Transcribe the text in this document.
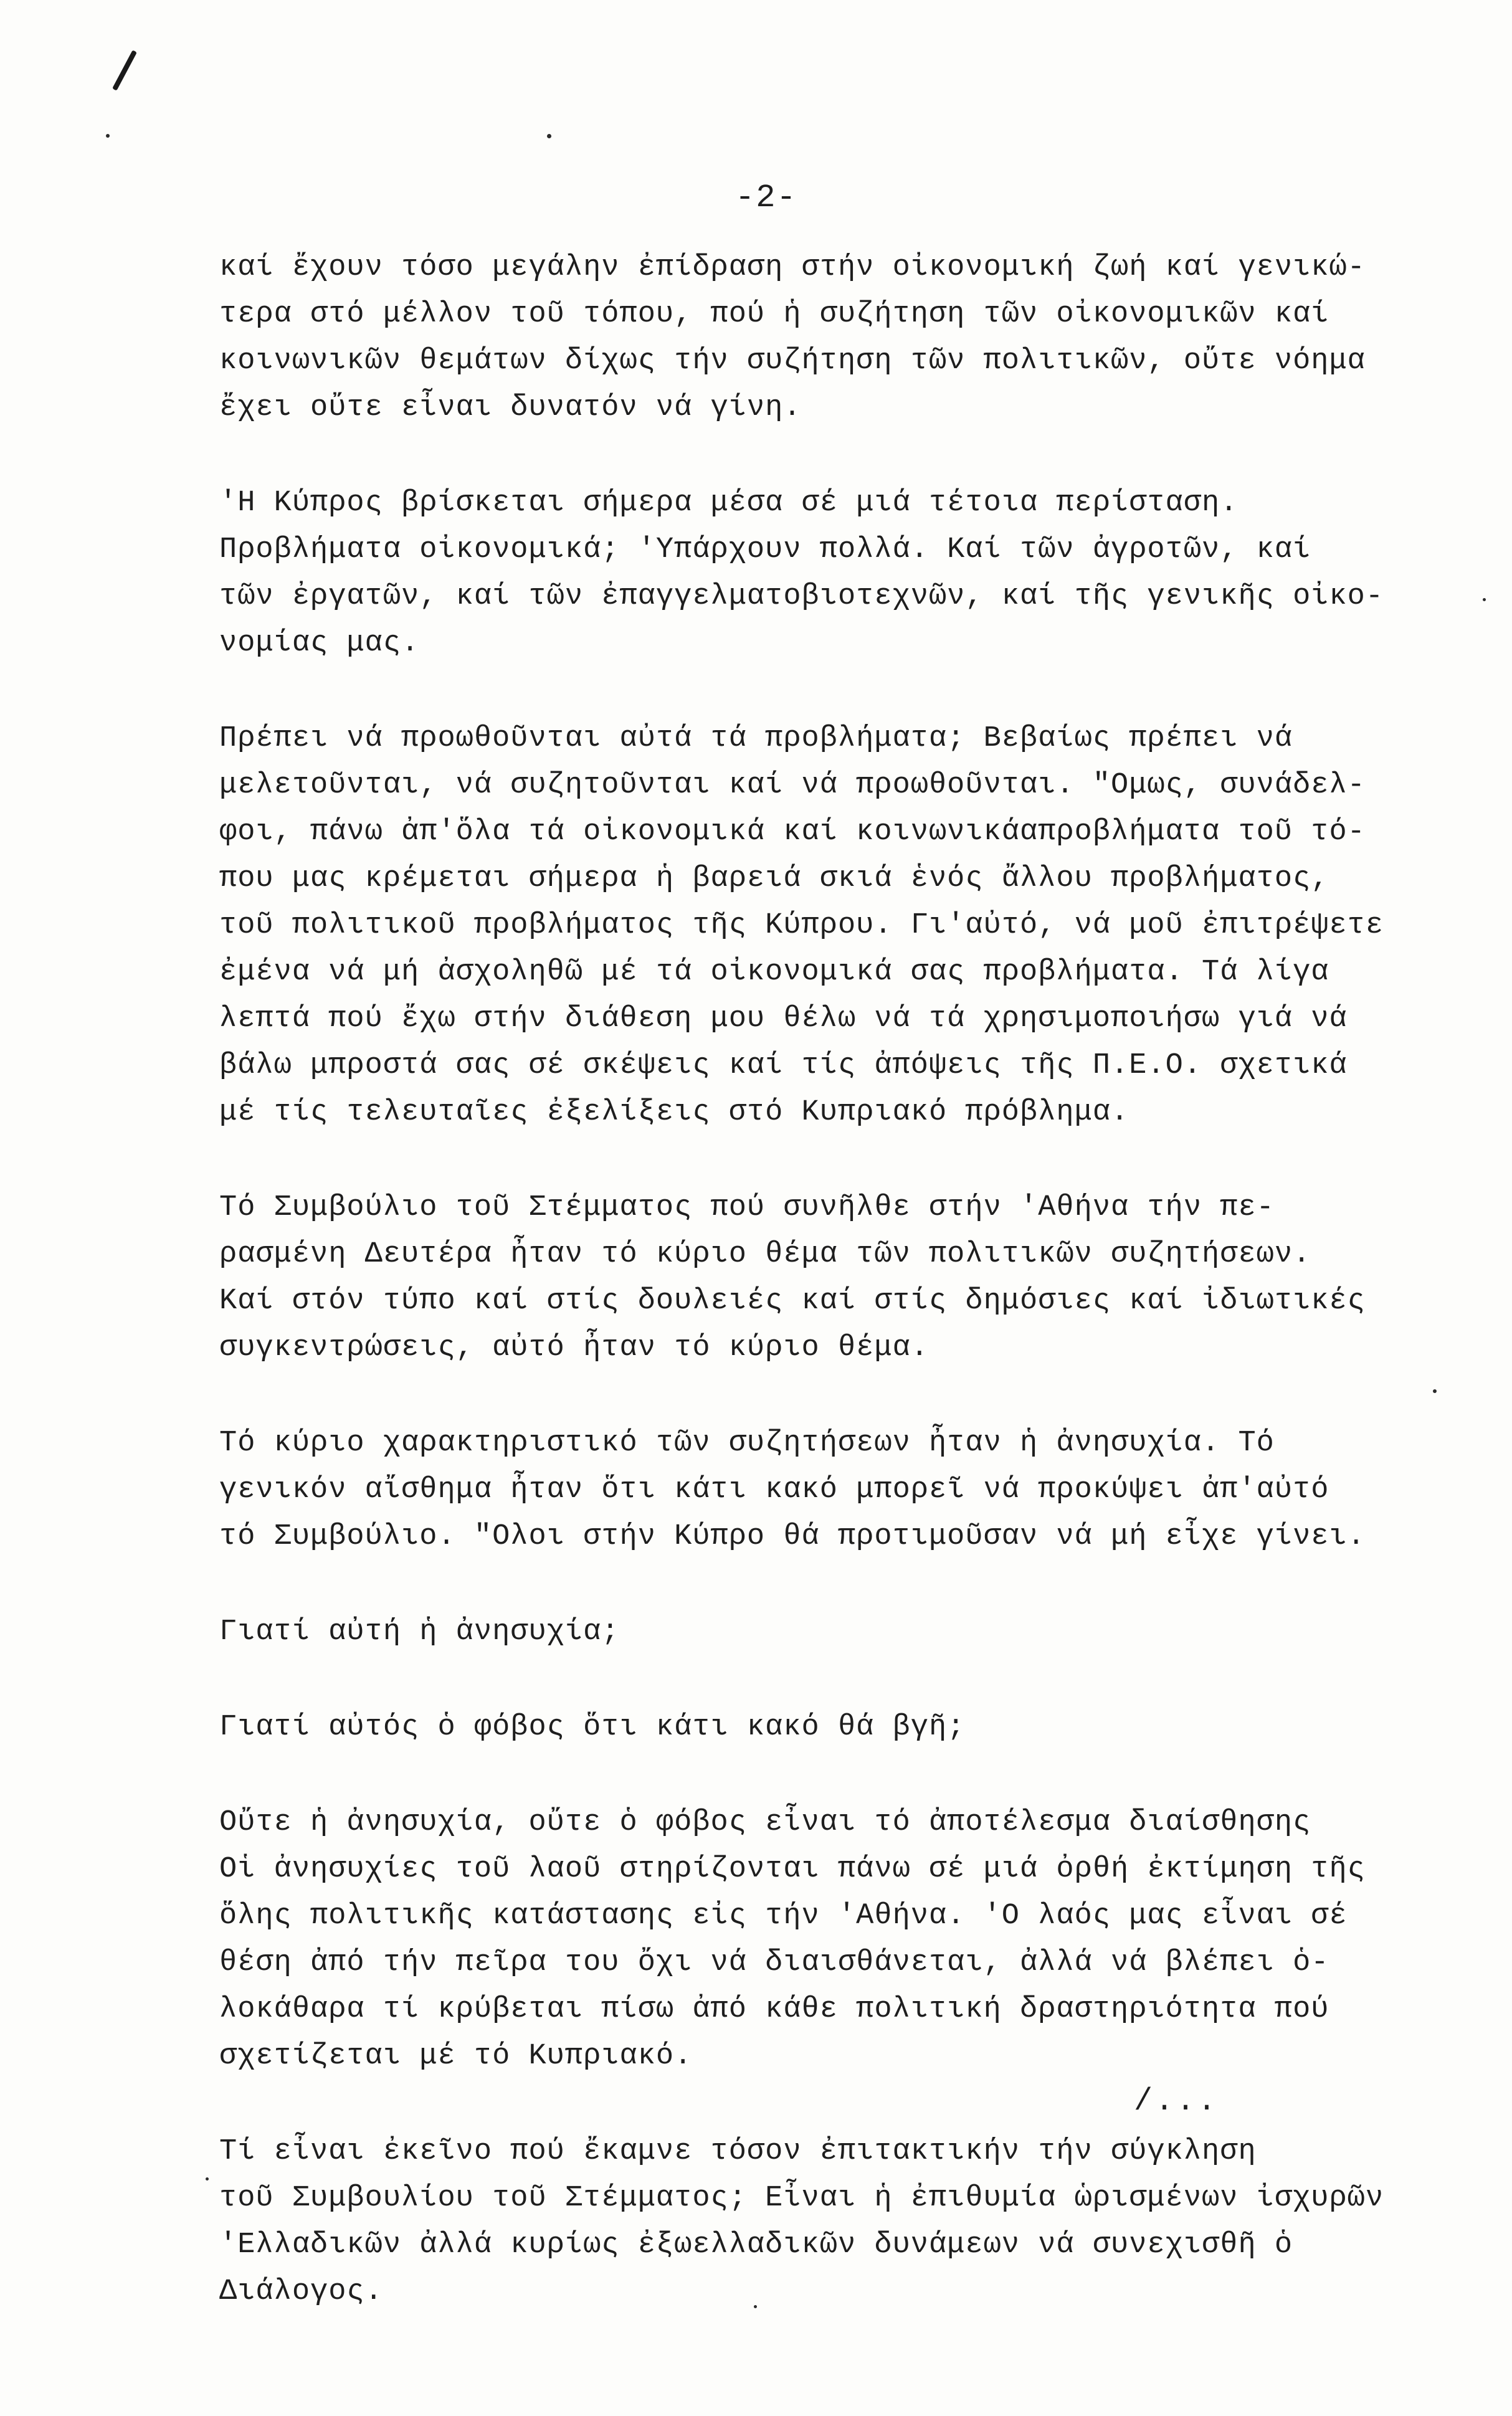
-2-
καί ἔχουν τόσο μεγάλην ἐπίδραση στήν οἰκονομική ζωή καί γενικώ-
τερα στό μέλλον τοῦ τόπου, πού ἡ συζήτηση τῶν οἰκονομικῶν καί
κοινωνικῶν θεμάτων δίχως τήν συζήτηση τῶν πολιτικῶν, οὔτε νόημα
ἔχει οὔτε εἶναι δυνατόν νά γίνη.
'Η Κύπρος βρίσκεται σήμερα μέσα σέ μιά τέτοια περίσταση.
Προβλήματα οἰκονομικά; 'Υπάρχουν πολλά. Καί τῶν ἀγροτῶν, καί
τῶν ἐργατῶν, καί τῶν ἐπαγγελματοβιοτεχνῶν, καί τῆς γενικῆς οἰκο-
νομίας μας.
Πρέπει νά προωθοῦνται αὐτά τά προβλήματα; Βεβαίως πρέπει νά
μελετοῦνται, νά συζητοῦνται καί νά προωθοῦνται. "Ομως, συνάδελ-
φοι, πάνω ἀπ'ὅλα τά οἰκονομικά καί κοινωνικάαπροβλήματα τοῦ τό-
που μας κρέμεται σήμερα ἡ βαρειά σκιά ἑνός ἄλλου προβλήματος,
τοῦ πολιτικοῦ προβλήματος τῆς Κύπρου. Γι'αὐτό, νά μοῦ ἐπιτρέψετε
ἐμένα νά μή ἀσχοληθῶ μέ τά οἰκονομικά σας προβλήματα. Τά λίγα
λεπτά πού ἔχω στήν διάθεση μου θέλω νά τά χρησιμοποιήσω γιά νά
βάλω μπροστά σας σέ σκέψεις καί τίς ἀπόψεις τῆς Π.Ε.Ο. σχετικά
μέ τίς τελευταῖες ἐξελίξεις στό Κυπριακό πρόβλημα.
Τό Συμβούλιο τοῦ Στέμματος πού συνῆλθε στήν 'Αθήνα τήν πε-
ρασμένη Δευτέρα ἦταν τό κύριο θέμα τῶν πολιτικῶν συζητήσεων.
Καί στόν τύπο καί στίς δουλειές καί στίς δημόσιες καί ἰδιωτικές
συγκεντρώσεις, αὐτό ἦταν τό κύριο θέμα.
Τό κύριο χαρακτηριστικό τῶν συζητήσεων ἦταν ἡ ἀνησυχία. Τό
γενικόν αἴσθημα ἦταν ὅτι κάτι κακό μπορεῖ νά προκύψει ἀπ'αὐτό
τό Συμβούλιο. "Ολοι στήν Κύπρο θά προτιμοῦσαν νά μή εἶχε γίνει.
Γιατί αὐτή ἡ ἀνησυχία;
Γιατί αὐτός ὁ φόβος ὅτι κάτι κακό θά βγῆ;
Οὔτε ἡ ἀνησυχία, οὔτε ὁ φόβος εἶναι τό ἀποτέλεσμα διαίσθησης
Οἱ ἀνησυχίες τοῦ λαοῦ στηρίζονται πάνω σέ μιά ὀρθή ἐκτίμηση τῆς
ὅλης πολιτικῆς κατάστασης εἰς τήν 'Αθήνα. 'Ο λαός μας εἶναι σέ
θέση ἀπό τήν πεῖρα του ὄχι νά διαισθάνεται, ἀλλά νά βλέπει ὁ-
λοκάθαρα τί κρύβεται πίσω ἀπό κάθε πολιτική δραστηριότητα πού
σχετίζεται μέ τό Κυπριακό.
Τί εἶναι ἐκεῖνο πού ἔκαμνε τόσον ἐπιτακτικήν τήν σύγκληση
τοῦ Συμβουλίου τοῦ Στέμματος; Εἶναι ἡ ἐπιθυμία ὡρισμένων ἰσχυρῶν
'Ελλαδικῶν ἀλλά κυρίως ἐξωελλαδικῶν δυνάμεων νά συνεχισθῆ ὁ
Διάλογος.
/...
